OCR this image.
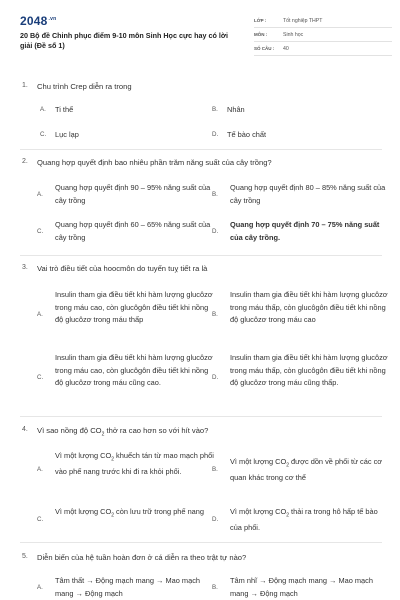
$2048^{.vn}$
20 Bộ đề Chinh phục điểm 9-10 môn Sinh Học cực hay có lời giải (Đề số 1)
LỚP :	Tốt nghiệp THPT
MÔN :	Sinh học
SỐ CÂU :	40
1. Chu trình Crep diễn ra trong
A. Ti thể	B. Nhân
C. Lục lạp	D. Tế bào chất
2. Quang hợp quyết định bao nhiêu phần trăm năng suất của cây trồng?
A.
Quang hợp quyết định 90 – 95% năng suất của cây trồng
B.
Quang hợp quyết định 80 – 85% năng suất của cây trồng
C.
Quang hợp quyết định 60 – 65% năng suất của cây trồng
D.
Quang hợp quyết định 70 – 75% năng suất của cây trồng.
3. Vai trò điều tiết của hoocmôn do tuyến tuỵ tiết ra là
A.
Insulin tham gia điều tiết khi hàm lượng glucôzơ trong máu cao, còn glucôgôn điều tiết khi nồng độ glucôzơ trong máu thấp
B.
Insulin tham gia điều tiết khi hàm lượng glucôzơ trong máu thấp, còn glucôgôn điều tiết khi nồng độ glucôzơ trong máu cao
C.
Insulin tham gia điều tiết khi hàm lượng glucôzơ trong máu cao, còn glucôgôn điều tiết khi nồng độ glucôzơ trong máu cũng cao.
D.
Insulin tham gia điều tiết khi hàm lượng glucôzơ trong máu thấp, còn glucôgôn điều tiết khi nồng độ glucôzơ trong máu cũng thấp.
4. Vì sao nồng độ $CO_2$ thở ra cao hơn so với hít vào?
A.
Vì một lượng $CO_2$ khuếch tán từ mao mạch phổi vào phế nang trước khi đi ra khỏi phổi.	B.
Vì một lượng $CO_2$ được dồn về phổi từ các cơ quan khác trong cơ thể
C.
Vì một lượng $CO_2$ còn lưu trữ trong phế nang
D.
Vì một lượng $CO_2$ thải ra trong hô hấp tế bào của phổi.
5. Diễn biến của hệ tuần hoàn đơn ở cá diễn ra theo trật tự nào?
A.
Tâm thất → Động mạch mang → Mao mạch mang → Động mạch
B.
Tâm nhĩ → Động mạch mang → Mao mạch mang → Động mạch
